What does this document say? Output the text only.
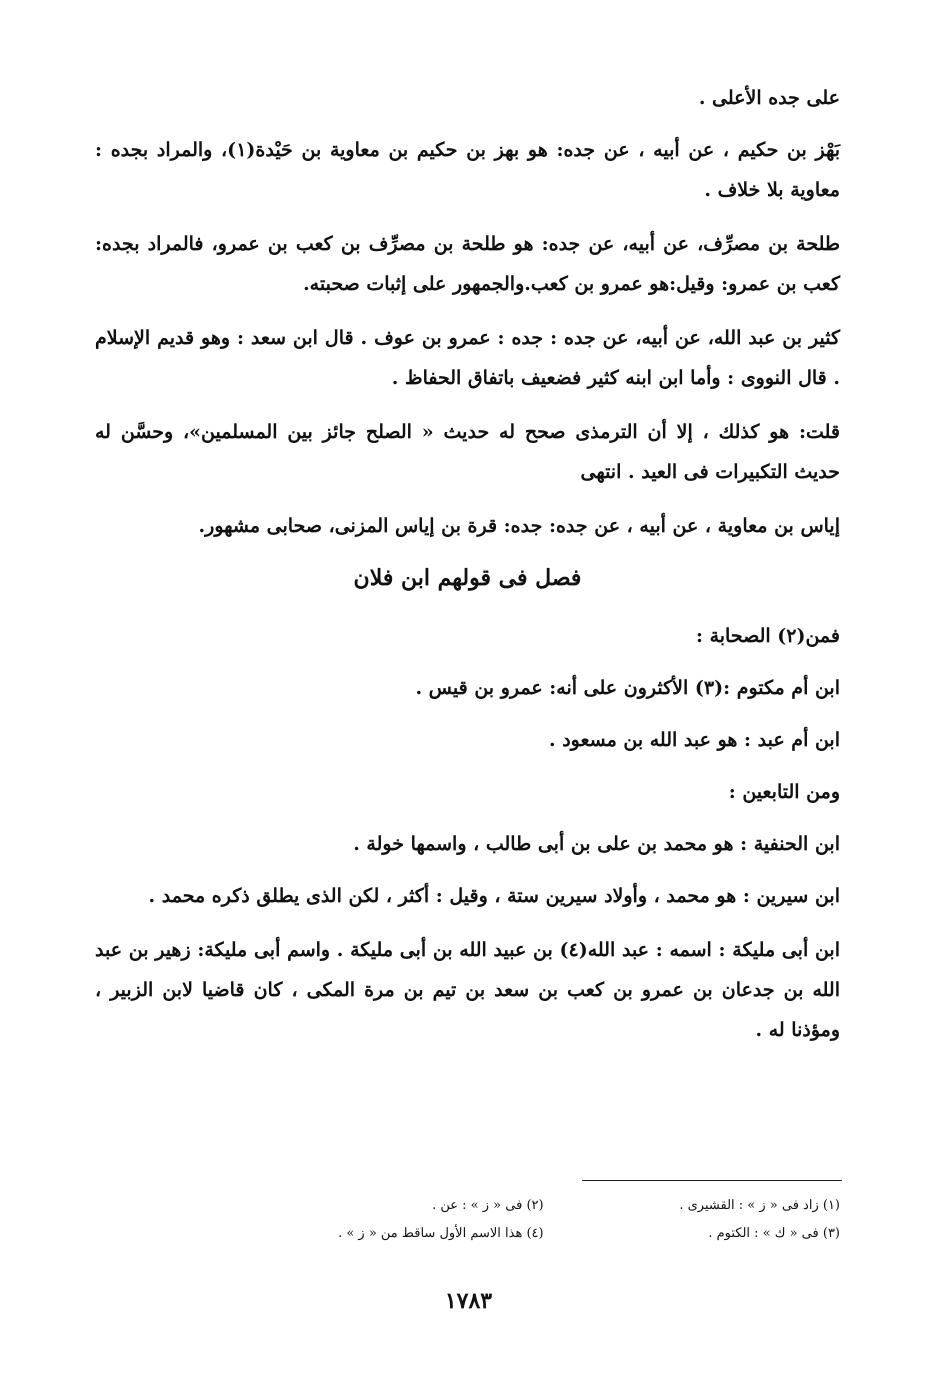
على جده الأعلى .

بَهْز بن حكيم ، عن أبيه ، عن جده: هو بهز بن حكيم بن معاوية بن حَيْدة(١)، والمراد بجده : معاوية بلا خلاف .

طلحة بن مصرِّف، عن أبيه، عن جده: هو طلحة بن مصرِّف بن كعب بن عمرو، فالمراد بجده: كعب بن عمرو: وقيل:هو عمرو بن كعب.والجمهور على إثبات صحبته.

كثير بن عبد الله، عن أبيه، عن جده : جده : عمرو بن عوف . قال ابن سعد : وهو قديم الإسلام . قال النووى : وأما ابن ابنه كثير فضعيف باتفاق الحفاظ .

قلت: هو كذلك ، إلا أن الترمذى صحح له حديث « الصلح جائز بين المسلمين»، وحسَّن له حديث التكبيرات فى العيد . انتهى

إياس بن معاوية ، عن أبيه ، عن جده: جده: قرة بن إياس المزنى، صحابى مشهور.

فصل فى قولهم ابن فلان

فمن(٢) الصحابة :

ابن أم مكتوم :(٣) الأكثرون على أنه: عمرو بن قيس .

ابن أم عبد : هو عبد الله بن مسعود .

ومن التابعين :

ابن الحنفية : هو محمد بن على بن أبى طالب ، واسمها خولة .

ابن سيرين : هو محمد ، وأولاد سيرين ستة ، وقيل : أكثر ، لكن الذى يطلق ذكره محمد .

ابن أبى مليكة : اسمه : عبد الله(٤) بن عبيد الله بن أبى مليكة . واسم أبى مليكة: زهير بن عبد الله بن جدعان بن عمرو بن كعب بن سعد بن تيم بن مرة المكى ، كان قاضيا لابن الزبير ، ومؤذنا له .

(١) زاد فى « ز » : القشيرى .
(٢) فى « ز » : عن .
(٣) فى « ك » : الكتوم .
(٤) هذا الاسم الأول ساقط من « ز » .
١٧٨٣
